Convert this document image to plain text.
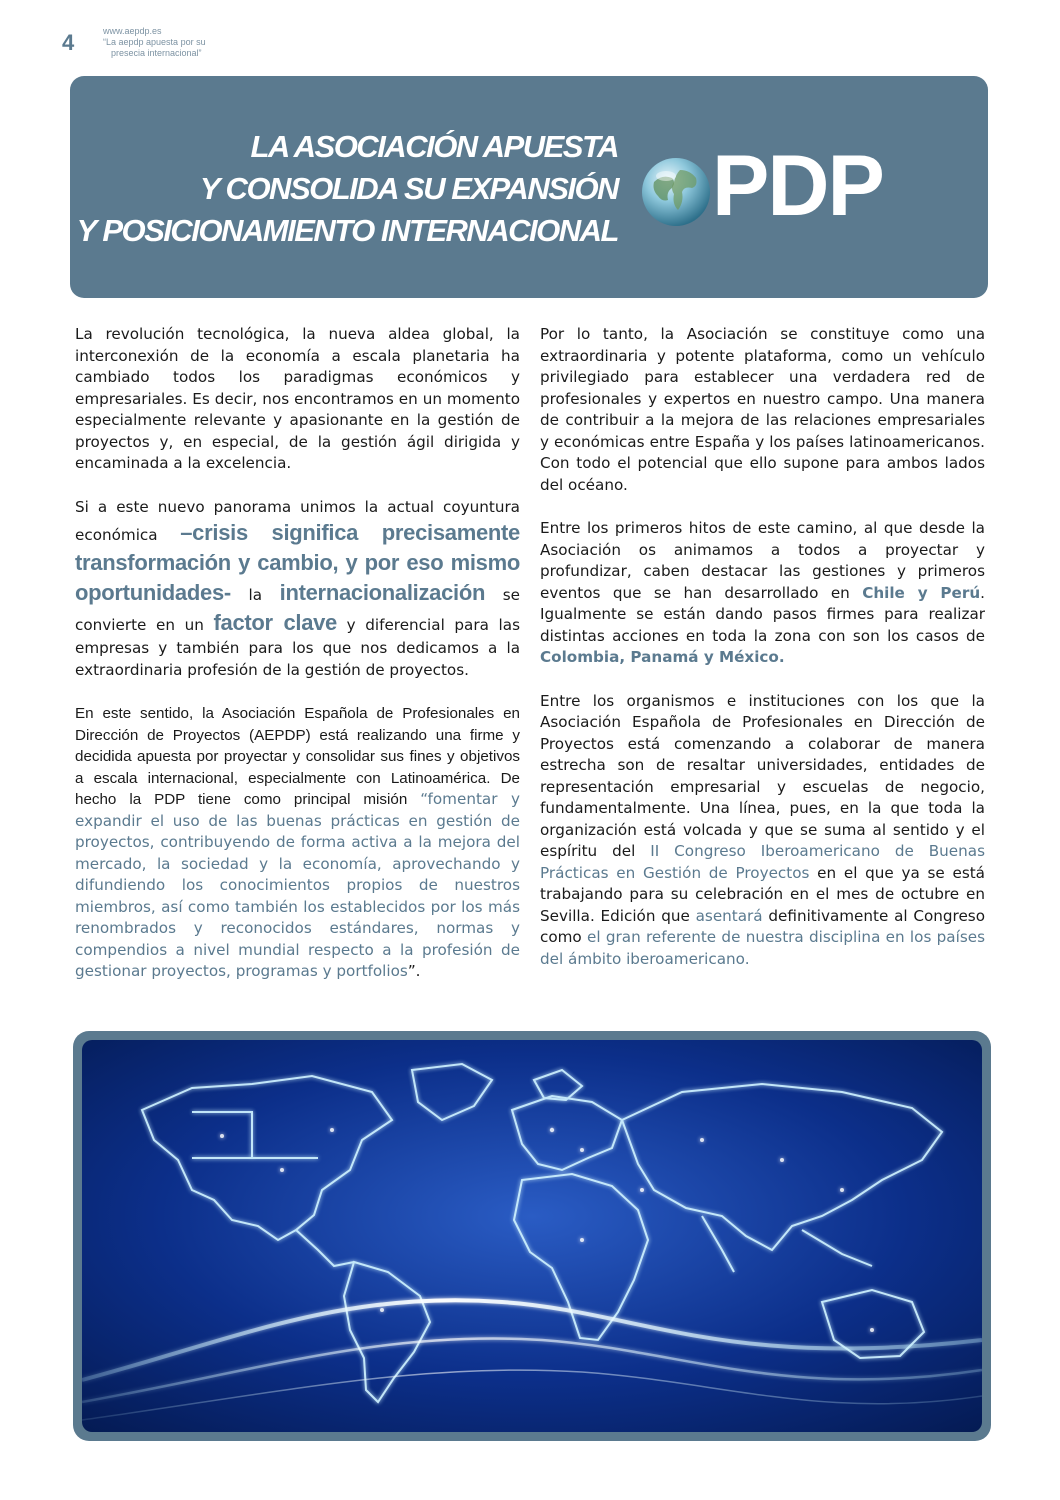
4	www.aepdp.es
“La aepdp apuesta por su
presecia internacional”
LA ASOCIACIÓN APUESTA
Y CONSOLIDA SU EXPANSIÓN
Y POSICIONAMIENTO INTERNACIONAL PDP

La revolución tecnológica, la nueva aldea global, la interconexión de la economía a escala planetaria ha cambiado todos los paradigmas económicos y empresariales. Es decir, nos encontramos en un momento especialmente relevante y apasionante en la gestión de proyectos y, en especial, de la gestión ágil dirigida y encaminada a la excelencia.

Si a este nuevo panorama unimos la actual coyuntura económica –crisis significa precisamente transformación y cambio, y por eso mismo oportunidades- la internacionalización se convierte en un factor clave y diferencial para las empresas y también para los que nos dedicamos a la extraordinaria profesión de la gestión de proyectos.

En este sentido, la Asociación Española de Profesionales en Dirección de Proyectos (AEPDP) está realizando una firme y decidida apuesta por proyectar y consolidar sus fines y objetivos a escala internacional, especialmente con Latinoamérica. De hecho la PDP tiene como principal misión “fomentar y expandir el uso de las buenas prácticas en gestión de proyectos, contribuyendo de forma activa a la mejora del mercado, la sociedad y la economía, aprovechando y difundiendo los conocimientos propios de nuestros miembros, así como también los establecidos por los más renombrados y reconocidos estándares, normas y compendios a nivel mundial respecto a la profesión de gestionar proyectos, programas y portfolios”.

Por lo tanto, la Asociación se constituye como una extraordinaria y potente plataforma, como un vehículo privilegiado para establecer una verdadera red de profesionales y expertos en nuestro campo. Una manera de contribuir a la mejora de las relaciones empresariales y económicas entre España y los países latinoamericanos. Con todo el potencial que ello supone para ambos lados del océano.

Entre los primeros hitos de este camino, al que desde la Asociación os animamos a todos a proyectar y profundizar, caben destacar las gestiones y primeros eventos que se han desarrollado en Chile y Perú. Igualmente se están dando pasos firmes para realizar distintas acciones en toda la zona con son los casos de Colombia, Panamá y México.

Entre los organismos e instituciones con los que la Asociación Española de Profesionales en Dirección de Proyectos está comenzando a colaborar de manera estrecha son de resaltar universidades, entidades de representación empresarial y escuelas de negocio, fundamentalmente. Una línea, pues, en la que toda la organización está volcada y que se suma al sentido y el espíritu del II Congreso Iberoamericano de Buenas Prácticas en Gestión de Proyectos en el que ya se está trabajando para su celebración en el mes de octubre en Sevilla. Edición que asentará definitivamente al Congreso como el gran referente de nuestra disciplina en los países del ámbito iberoamericano.
